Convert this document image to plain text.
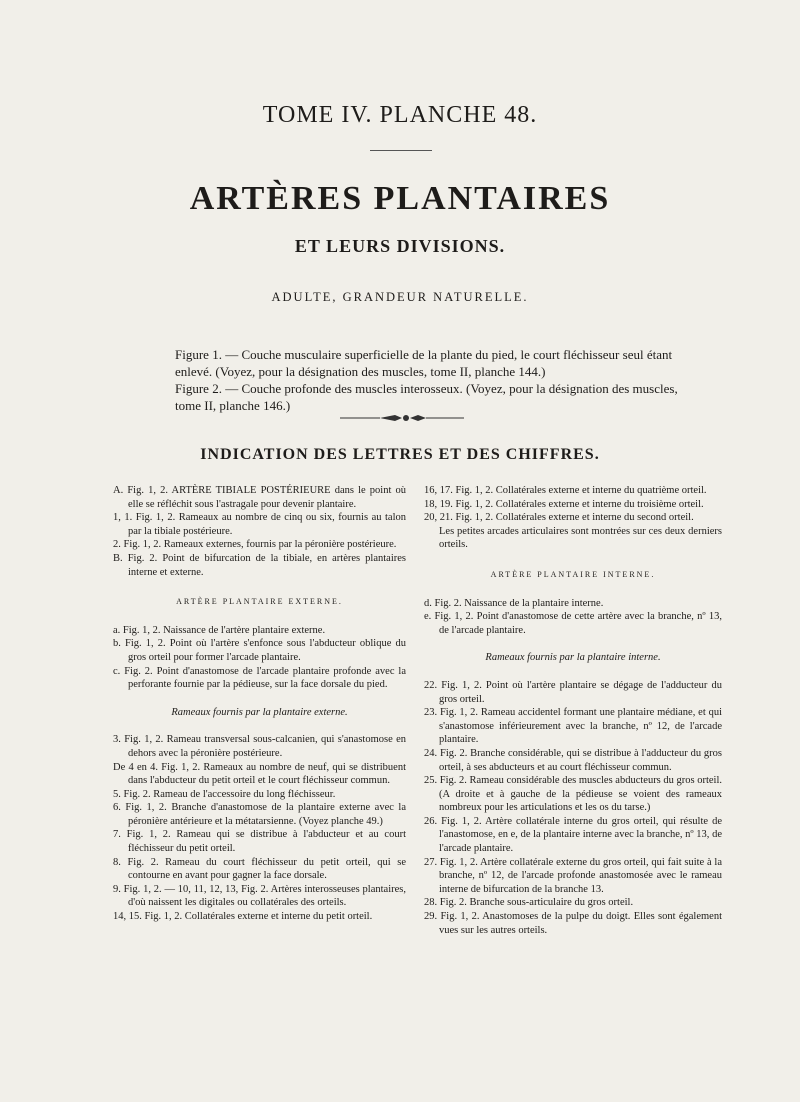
TOME IV. PLANCHE 48.
ARTÈRES PLANTAIRES
ET LEURS DIVISIONS.
ADULTE, GRANDEUR NATURELLE.

Figure 1. — Couche musculaire superficielle de la plante du pied, le court fléchisseur seul étant enlevé. (Voyez, pour la désignation des muscles, tome II, planche 144.)

Figure 2. — Couche profonde des muscles interosseux. (Voyez, pour la désignation des muscles, tome II, planche 146.)

INDICATION DES LETTRES ET DES CHIFFRES.

A. Fig. 1, 2. ARTÈRE TIBIALE POSTÉRIEURE dans le point où elle se réfléchit sous l'astragale pour devenir plantaire.

1, 1. Fig. 1, 2. Rameaux au nombre de cinq ou six, fournis au talon par la tibiale postérieure.

2. Fig. 1, 2. Rameaux externes, fournis par la péronière postérieure.

B. Fig. 2. Point de bifurcation de la tibiale, en artères plantaires interne et externe.

ARTÈRE PLANTAIRE EXTERNE.

a. Fig. 1, 2. Naissance de l'artère plantaire externe.

b. Fig. 1, 2. Point où l'artère s'enfonce sous l'abducteur oblique du gros orteil pour former l'arcade plantaire.

c. Fig. 2. Point d'anastomose de l'arcade plantaire profonde avec la perforante fournie par la pédieuse, sur la face dorsale du pied.

Rameaux fournis par la plantaire externe.

3. Fig. 1, 2. Rameau transversal sous-calcanien, qui s'anastomose en dehors avec la péronière postérieure.

De 4 en 4. Fig. 1, 2. Rameaux au nombre de neuf, qui se distribuent dans l'abducteur du petit orteil et le court fléchisseur commun.

5. Fig. 2. Rameau de l'accessoire du long fléchisseur.

6. Fig. 1, 2. Branche d'anastomose de la plantaire externe avec la péronière antérieure et la métatarsienne. (Voyez planche 49.)

7. Fig. 1, 2. Rameau qui se distribue à l'abducteur et au court fléchisseur du petit orteil.

8. Fig. 2. Rameau du court fléchisseur du petit orteil, qui se contourne en avant pour gagner la face dorsale.

9. Fig. 1, 2. — 10, 11, 12, 13, Fig. 2. Artères interosseuses plantaires, d'où naissent les digitales ou collatérales des orteils.

14, 15. Fig. 1, 2. Collatérales externe et interne du petit orteil.

16, 17. Fig. 1, 2. Collatérales externe et interne du quatrième orteil.

18, 19. Fig. 1, 2. Collatérales externe et interne du troisième orteil.

20, 21. Fig. 1, 2. Collatérales externe et interne du second orteil.

Les petites arcades articulaires sont montrées sur ces deux derniers orteils.

ARTÈRE PLANTAIRE INTERNE.

d. Fig. 2. Naissance de la plantaire interne.

e. Fig. 1, 2. Point d'anastomose de cette artère avec la branche, nº 13, de l'arcade plantaire.

Rameaux fournis par la plantaire interne.

22. Fig. 1, 2. Point où l'artère plantaire se dégage de l'adducteur du gros orteil.

23. Fig. 1, 2. Rameau accidentel formant une plantaire médiane, et qui s'anastomose inférieurement avec la branche, nº 12, de l'arcade plantaire.

24. Fig. 2. Branche considérable, qui se distribue à l'adducteur du gros orteil, à ses abducteurs et au court fléchisseur commun.

25. Fig. 2. Rameau considérable des muscles abducteurs du gros orteil. (A droite et à gauche de la pédieuse se voient des rameaux nombreux pour les articulations et les os du tarse.)

26. Fig. 1, 2. Artère collatérale interne du gros orteil, qui résulte de l'anastomose, en e, de la plantaire interne avec la branche, nº 13, de l'arcade plantaire.

27. Fig. 1, 2. Artère collatérale externe du gros orteil, qui fait suite à la branche, nº 12, de l'arcade profonde anastomosée avec le rameau interne de bifurcation de la branche 13.

28. Fig. 2. Branche sous-articulaire du gros orteil.

29. Fig. 1, 2. Anastomoses de la pulpe du doigt. Elles sont également vues sur les autres orteils.
